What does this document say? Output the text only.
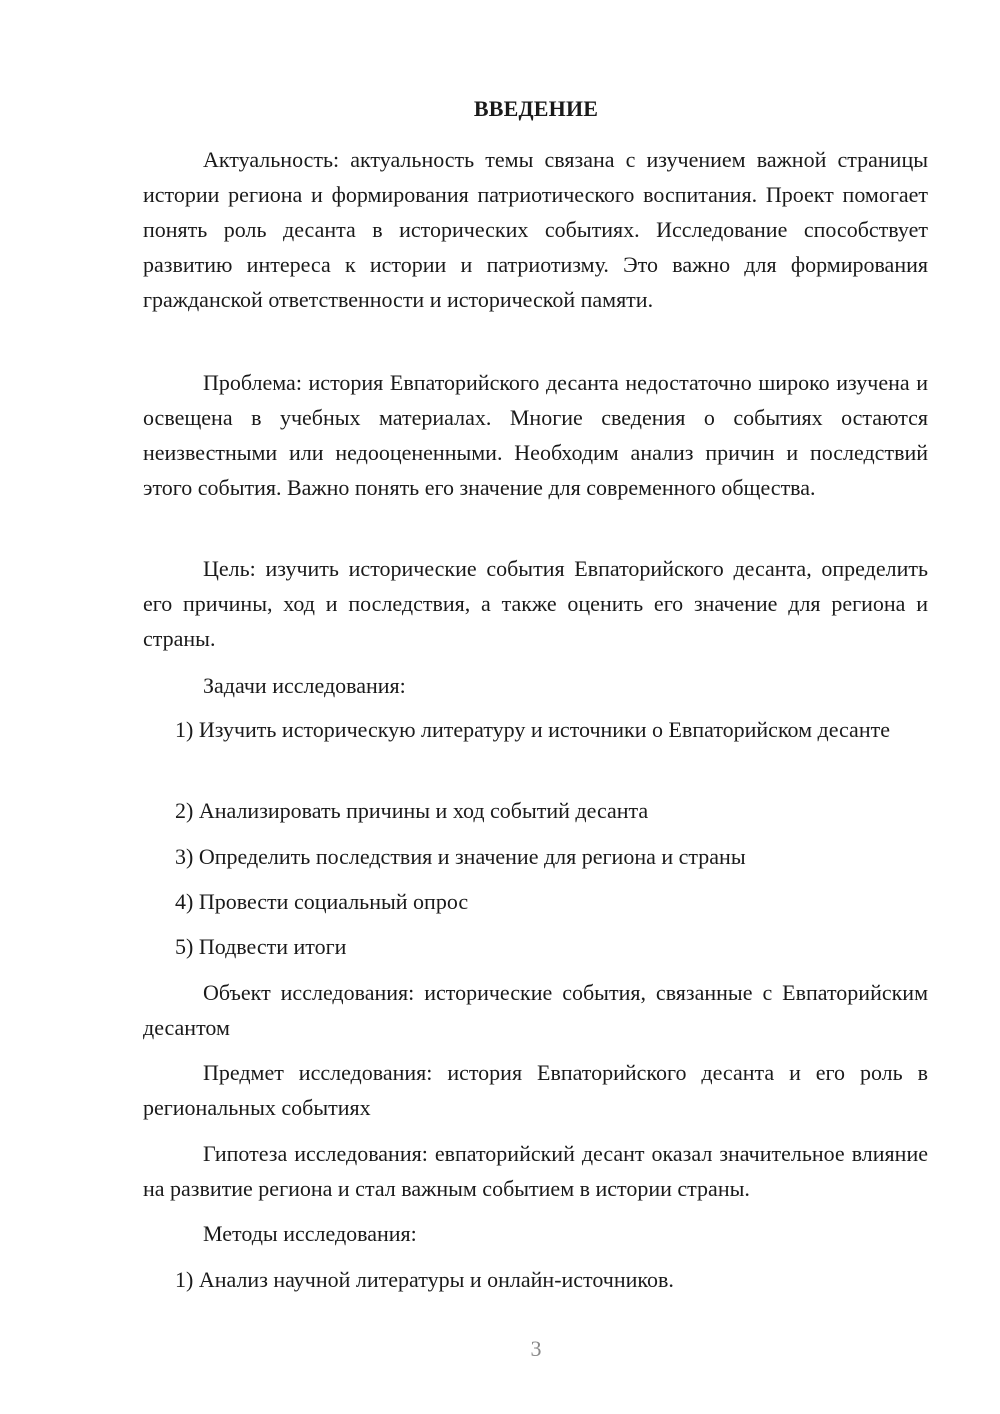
ВВЕДЕНИЕ

Актуальность: актуальность темы связана с изучением важной страницы истории региона и формирования патриотического воспитания. Проект помогает понять роль десанта в исторических событиях. Исследование способствует развитию интереса к истории и патриотизму. Это важно для формирования гражданской ответственности и исторической памяти.

Проблема: история Евпаторийского десанта недостаточно широко изучена и освещена в учебных материалах. Многие сведения о событиях остаются неизвестными или недооцененными. Необходим анализ причин и последствий этого события. Важно понять его значение для современного общества.

Цель: изучить исторические события Евпаторийского десанта, определить его причины, ход и последствия, а также оценить его значение для региона и страны.

Задачи исследования:

1) Изучить историческую литературу и источники о Евпаторийском десанте

2) Анализировать причины и ход событий десанта

3) Определить последствия и значение для региона и страны

4) Провести социальный опрос

5) Подвести итоги

Объект исследования: исторические события, связанные с Евпаторийским десантом

Предмет исследования: история Евпаторийского десанта и его роль в региональных событиях

Гипотеза исследования: евпаторийский десант оказал значительное влияние на развитие региона и стал важным событием в истории страны.

Методы исследования:

1) Анализ научной литературы и онлайн-источников.

3
